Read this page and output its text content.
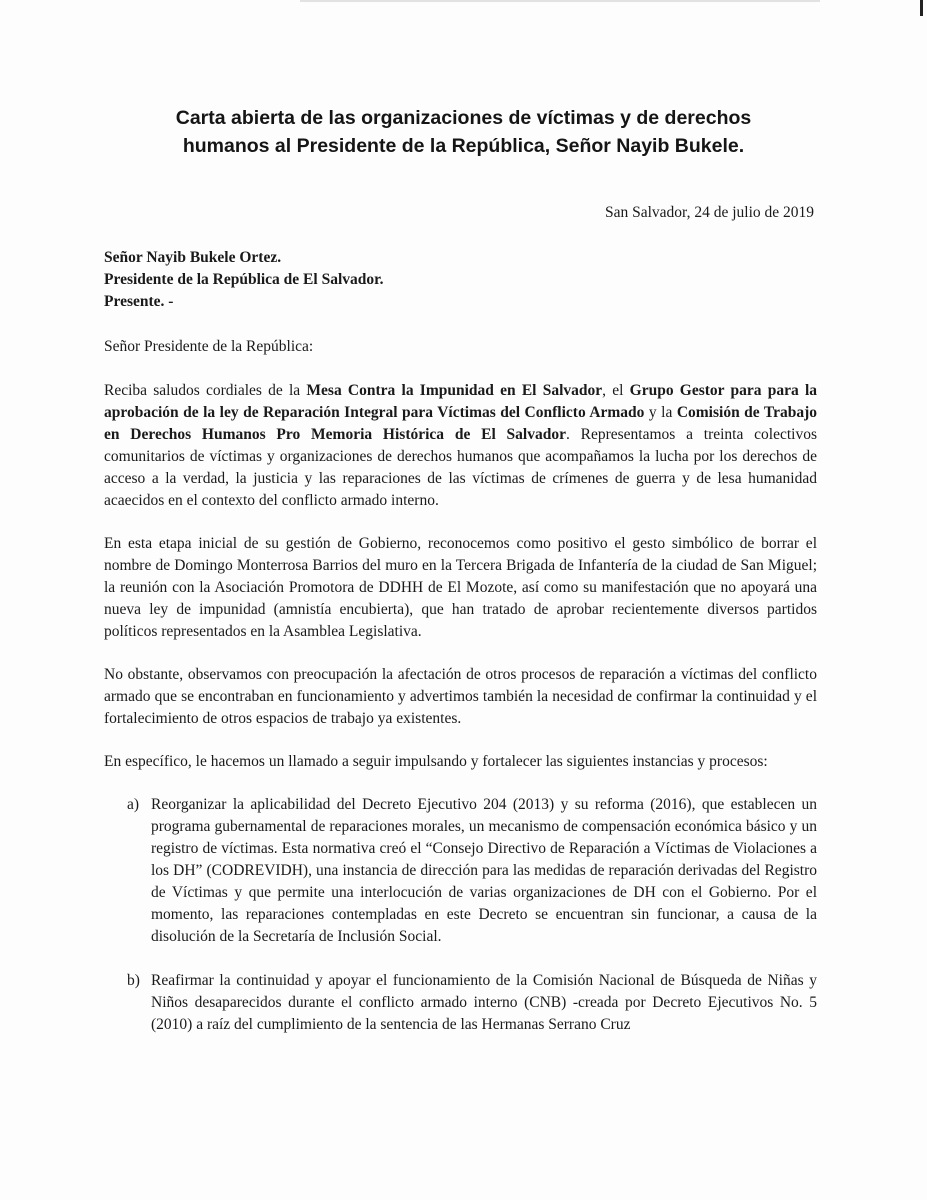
Carta abierta de las organizaciones de víctimas y de derechos
humanos al Presidente de la República, Señor Nayib Bukele.
San Salvador, 24 de julio de 2019
Señor Nayib Bukele Ortez.
Presidente de la República de El Salvador.
Presente. -

Señor Presidente de la República:

Reciba saludos cordiales de la Mesa Contra la Impunidad en El Salvador, el Grupo Gestor para para la aprobación de la ley de Reparación Integral para Víctimas del Conflicto Armado y la Comisión de Trabajo en Derechos Humanos Pro Memoria Histórica de El Salvador. Representamos a treinta colectivos comunitarios de víctimas y organizaciones de derechos humanos que acompañamos la lucha por los derechos de acceso a la verdad, la justicia y las reparaciones de las víctimas de crímenes de guerra y de lesa humanidad acaecidos en el contexto del conflicto armado interno.

En esta etapa inicial de su gestión de Gobierno, reconocemos como positivo el gesto simbólico de borrar el nombre de Domingo Monterrosa Barrios del muro en la Tercera Brigada de Infantería de la ciudad de San Miguel; la reunión con la Asociación Promotora de DDHH de El Mozote, así como su manifestación que no apoyará una nueva ley de impunidad (amnistía encubierta), que han tratado de aprobar recientemente diversos partidos políticos representados en la Asamblea Legislativa.

No obstante, observamos con preocupación la afectación de otros procesos de reparación a víctimas del conflicto armado que se encontraban en funcionamiento y advertimos también la necesidad de confirmar la continuidad y el fortalecimiento de otros espacios de trabajo ya existentes.

En específico, le hacemos un llamado a seguir impulsando y fortalecer las siguientes instancias y procesos:

a) Reorganizar la aplicabilidad del Decreto Ejecutivo 204 (2013) y su reforma (2016), que establecen un programa gubernamental de reparaciones morales, un mecanismo de compensación económica básico y un registro de víctimas. Esta normativa creó el “Consejo Directivo de Reparación a Víctimas de Violaciones a los DH” (CODREVIDH), una instancia de dirección para las medidas de reparación derivadas del Registro de Víctimas y que permite una interlocución de varias organizaciones de DH con el Gobierno. Por el momento, las reparaciones contempladas en este Decreto se encuentran sin funcionar, a causa de la disolución de la Secretaría de Inclusión Social.
b) Reafirmar la continuidad y apoyar el funcionamiento de la Comisión Nacional de Búsqueda de Niñas y Niños desaparecidos durante el conflicto armado interno (CNB) -creada por Decreto Ejecutivos No. 5 (2010) a raíz del cumplimiento de la sentencia de las Hermanas Serrano Cruz
